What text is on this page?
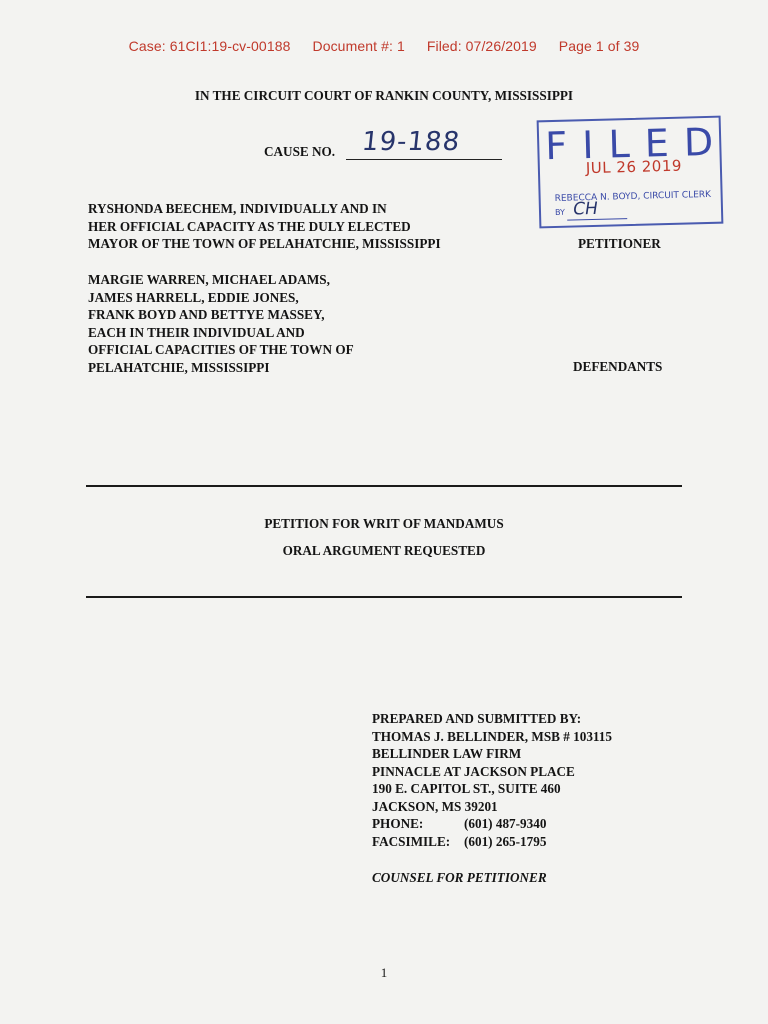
Case: 61CI1:19-cv-00188 Document #: 1 Filed: 07/26/2019 Page 1 of 39
IN THE CIRCUIT COURT OF RANKIN COUNTY, MISSISSIPPI
CAUSE NO. 19-188 F I L E D
JUL 26 2019
REBECCA N. BOYD, CIRCUIT CLERK
BY CH
RYSHONDA BEECHEM, INDIVIDUALLY AND IN
HER OFFICIAL CAPACITY AS THE DULY ELECTED
MAYOR OF THE TOWN OF PELAHATCHIE, MISSISSIPPI	PETITIONER
MARGIE WARREN, MICHAEL ADAMS,
JAMES HARRELL, EDDIE JONES,
FRANK BOYD AND BETTYE MASSEY,
EACH IN THEIR INDIVIDUAL AND
OFFICIAL CAPACITIES OF THE TOWN OF
PELAHATCHIE, MISSISSIPPI	DEFENDANTS
PETITION FOR WRIT OF MANDAMUS
ORAL ARGUMENT REQUESTED
PREPARED AND SUBMITTED BY:
THOMAS J. BELLINDER, MSB # 103115
BELLINDER LAW FIRM
PINNACLE AT JACKSON PLACE
190 E. CAPITOL ST., SUITE 460
JACKSON, MS 39201
PHONE:	(601) 487-9340
FACSIMILE: (601) 265-1795
COUNSEL FOR PETITIONER
1
